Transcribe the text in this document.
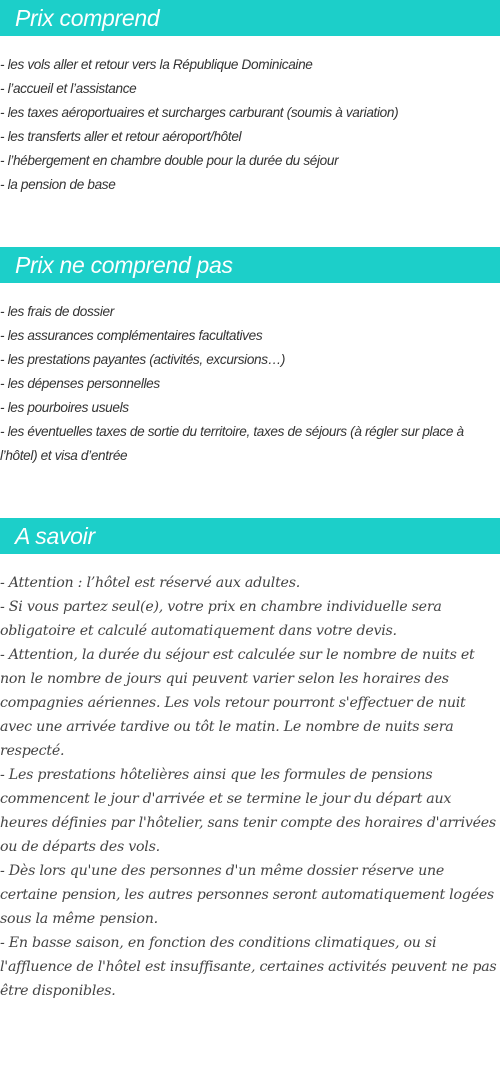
Prix comprend
- les vols aller et retour vers la République Dominicaine
- l’accueil et l’assistance
- les taxes aéroportuaires et surcharges carburant (soumis à variation)
- les transferts aller et retour aéroport/hôtel
- l’hébergement en chambre double pour la durée du séjour
- la pension de base
Prix ne comprend pas
- les frais de dossier
- les assurances complémentaires facultatives
- les prestations payantes (activités, excursions…)
- les dépenses personnelles
- les pourboires usuels
- les éventuelles taxes de sortie du territoire, taxes de séjours (à régler sur place à l’hôtel) et visa d’entrée
A savoir
- Attention : l’hôtel est réservé aux adultes.
- Si vous partez seul(e), votre prix en chambre individuelle sera obligatoire et calculé automatiquement dans votre devis.
- Attention, la durée du séjour est calculée sur le nombre de nuits et non le nombre de jours qui peuvent varier selon les horaires des compagnies aériennes. Les vols retour pourront s'effectuer de nuit avec une arrivée tardive ou tôt le matin. Le nombre de nuits sera respecté.
- Les prestations hôtelières ainsi que les formules de pensions commencent le jour d'arrivée et se termine le jour du départ aux heures définies par l'hôtelier, sans tenir compte des horaires d'arrivées ou de départs des vols.
- Dès lors qu'une des personnes d'un même dossier réserve une certaine pension, les autres personnes seront automatiquement logées sous la même pension.
- En basse saison, en fonction des conditions climatiques, ou si l'affluence de l'hôtel est insuffisante, certaines activités peuvent ne pas être disponibles.
